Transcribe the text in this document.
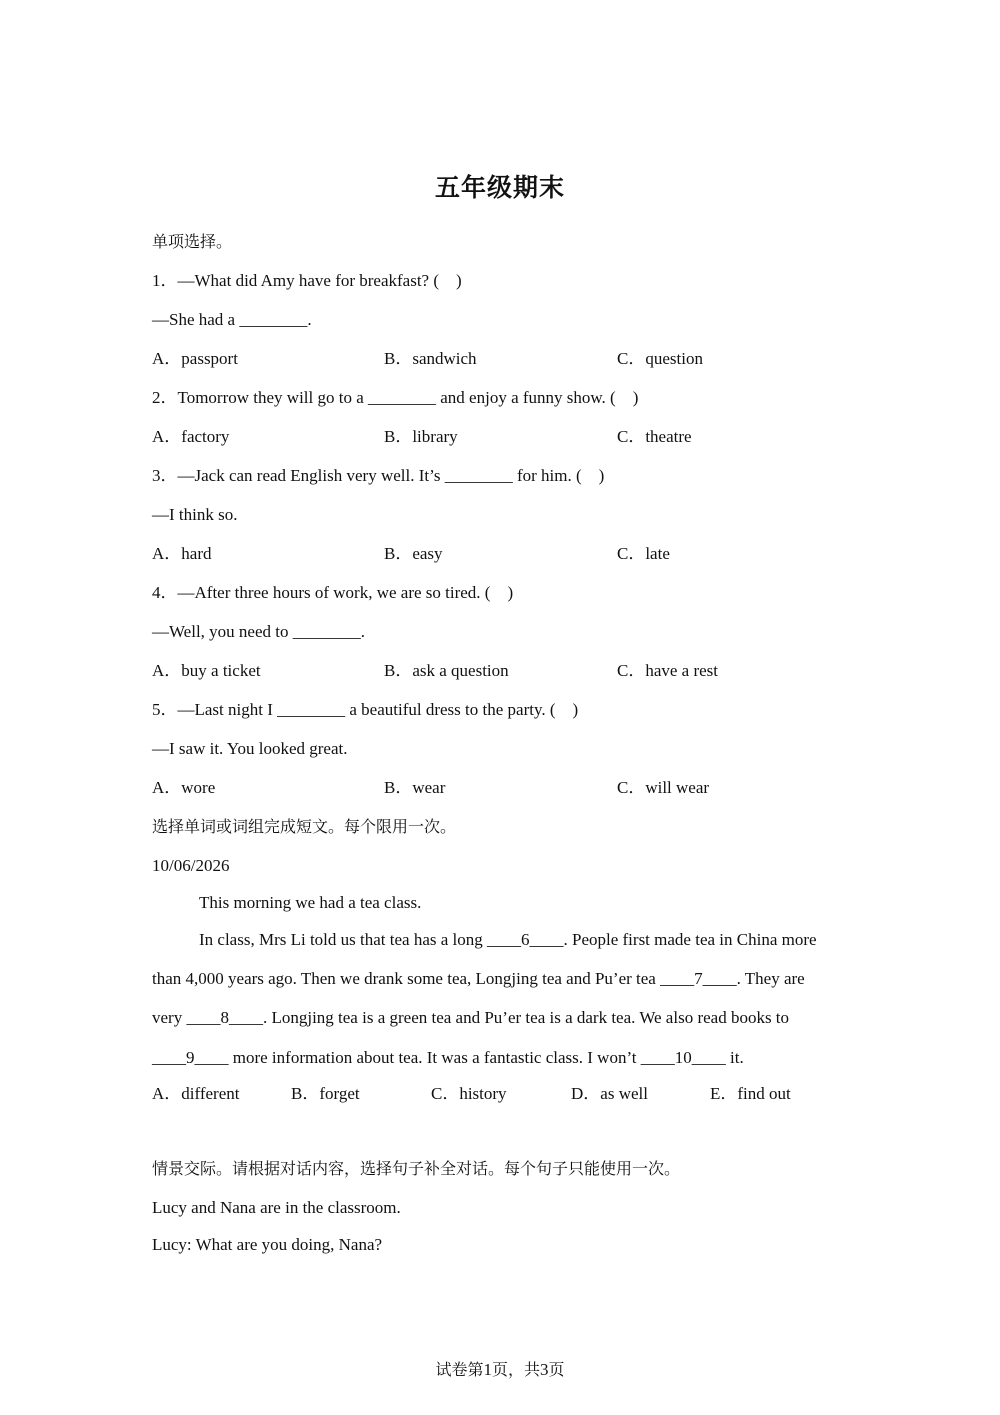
五年级期末
单项选择。
1．—What did Amy have for breakfast? (　)
—She had a ________.
A．passport	B．sandwich	C．question
2．Tomorrow they will go to a ________ and enjoy a funny show. (　)
A．factory	B．library	C．theatre
3．—Jack can read English very well. It’s ________ for him. (　)
—I think so.
A．hard	B．easy	C．late
4．—After three hours of work, we are so tired. (　)
—Well, you need to ________.
A．buy a ticket	B．ask a question	C．have a rest
5．—Last night I ________ a beautiful dress to the party. (　)
—I saw it. You looked great.
A．wore	B．wear	C．will wear
选择单词或词组完成短文。每个限用一次。
10/06/2026
This morning we had a tea class.
In class, Mrs Li told us that tea has a long ____6____. People first made tea in China more
than 4,000 years ago. Then we drank some tea, Longjing tea and Pu’er tea ____7____. They are
very ____8____. Longjing tea is a green tea and Pu’er tea is a dark tea. We also read books to
____9____ more information about tea. It was a fantastic class. I won’t ____10____ it.
A．different	B．forget	C．history	D．as well	E．find out
情景交际。请根据对话内容，选择句子补全对话。每个句子只能使用一次。
Lucy and Nana are in the classroom.
Lucy: What are you doing, Nana?
试卷第1页，共3页
